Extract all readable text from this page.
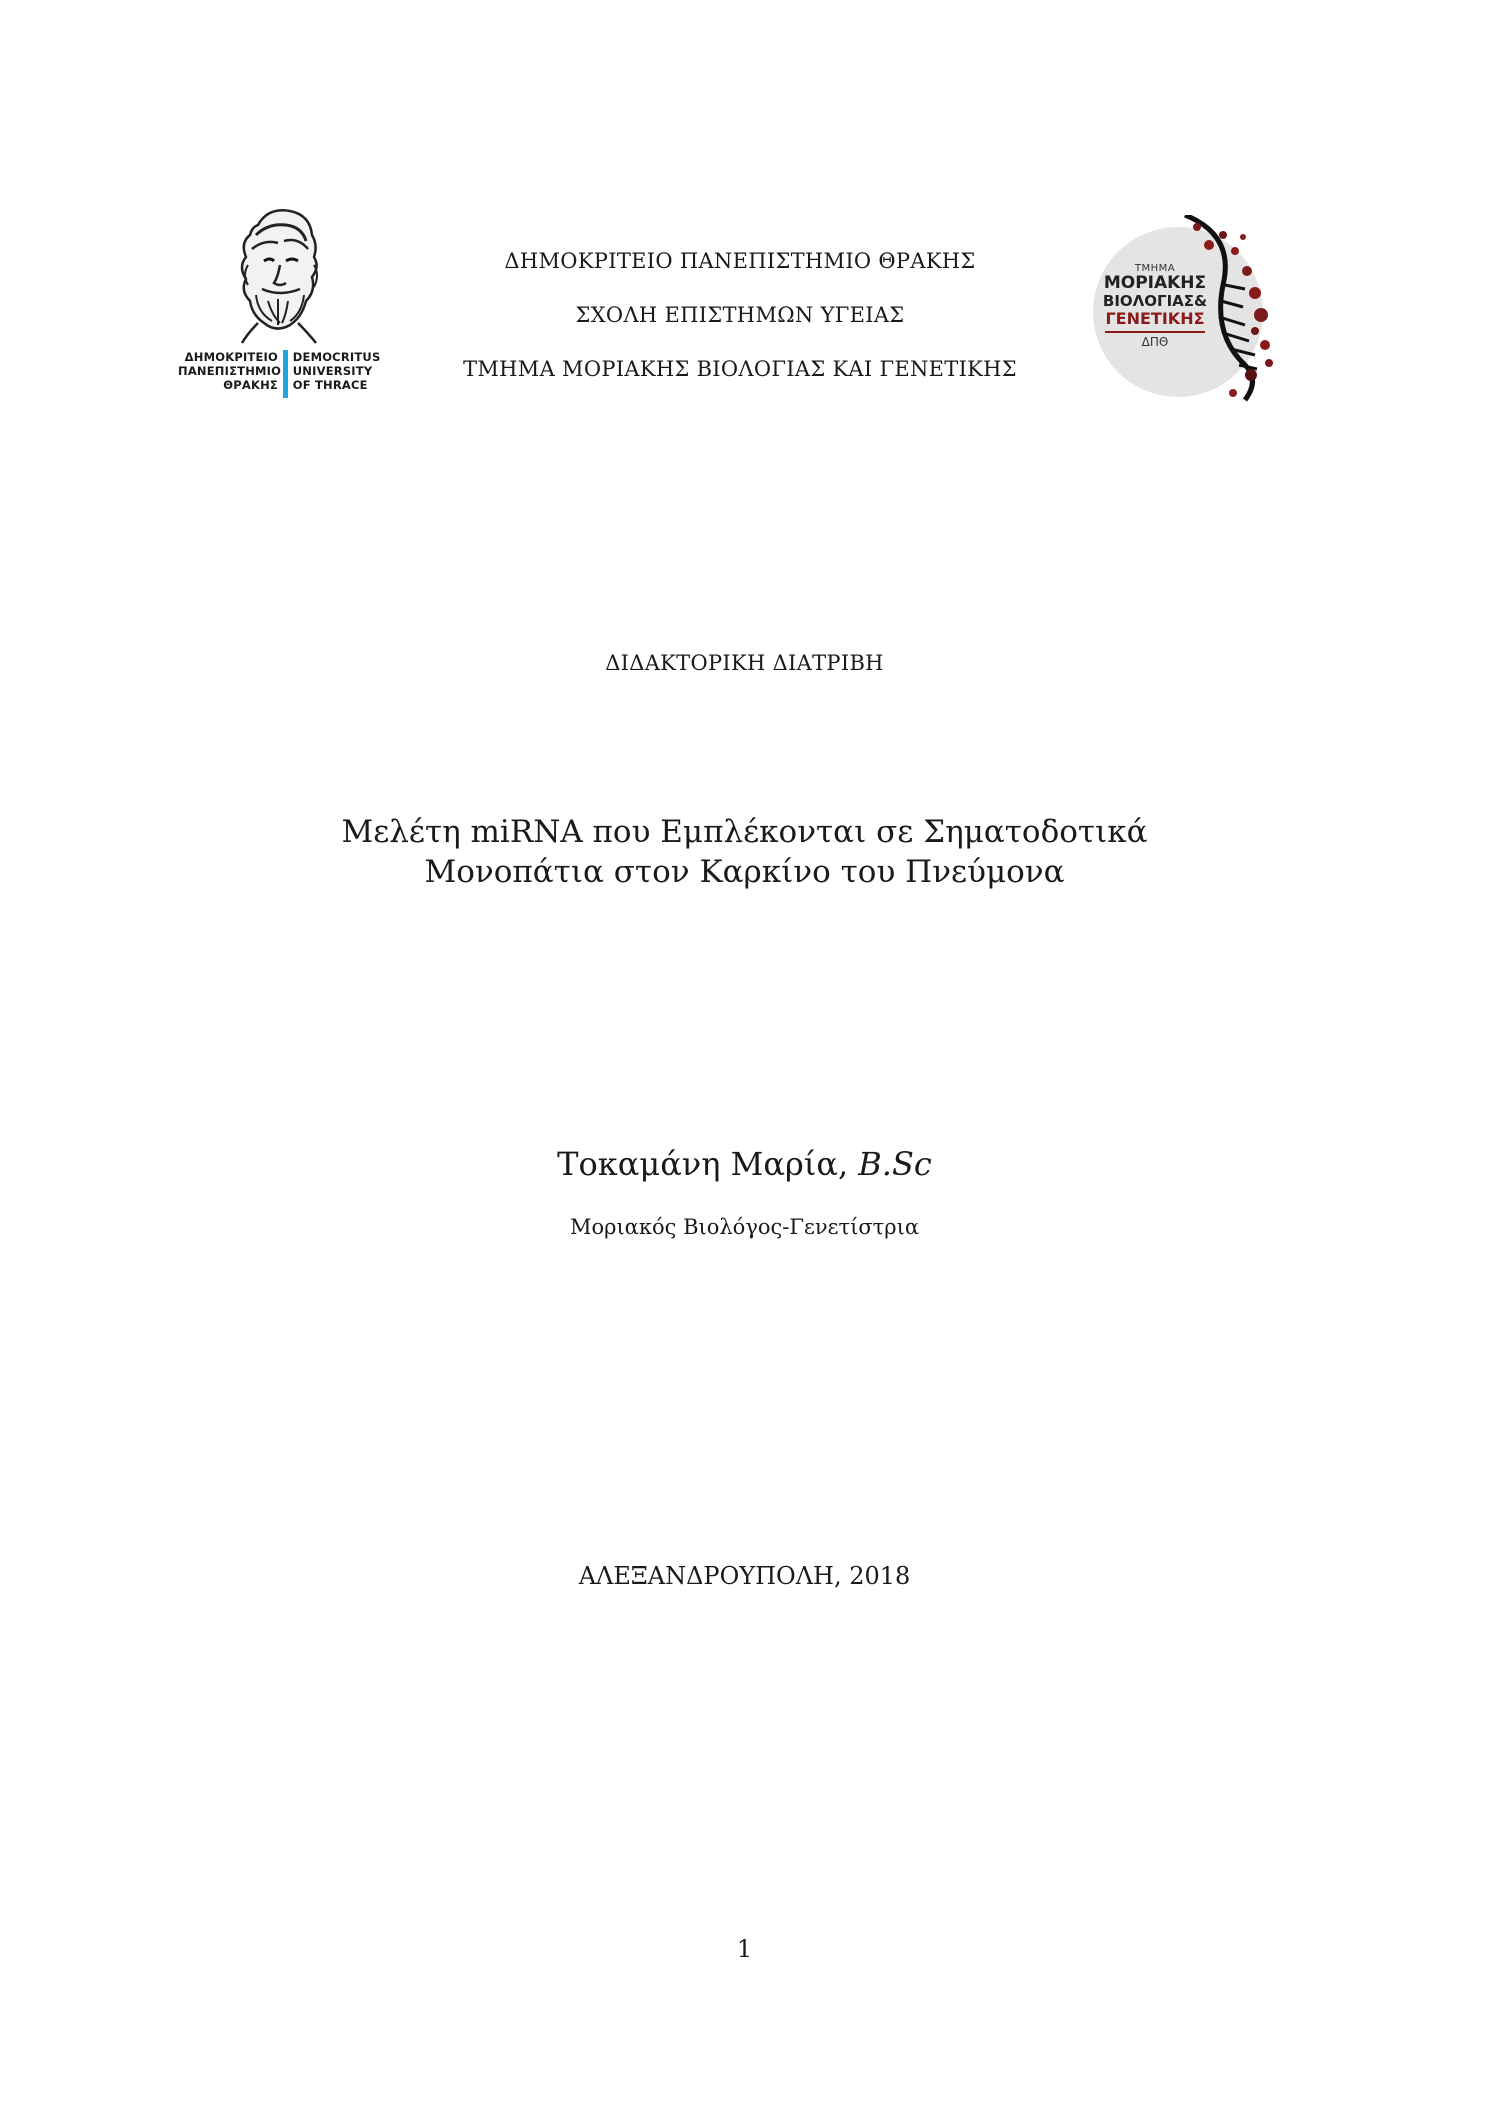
ΔΗΜΟΚΡΙΤΕΙΟ
ΠΑΝΕΠΙΣΤΗΜΙΟ
ΘΡΑΚΗΣ
DEMOCRITUS
UNIVERSITY
OF THRACE
ΔΗΜΟΚΡΙΤΕΙΟ ΠΑΝΕΠΙΣΤΗΜΙΟ ΘΡΑΚΗΣ
ΣΧΟΛΗ ΕΠΙΣΤΗΜΩΝ ΥΓΕΙΑΣ
ΤΜΗΜΑ ΜΟΡΙΑΚΗΣ ΒΙΟΛΟΓΙΑΣ ΚΑΙ ΓΕΝΕΤΙΚΗΣ
ΤΜΗΜΑ
ΜΟΡΙΑΚΗΣ
ΒΙΟΛΟΓΙΑΣ&
ΓΕΝΕΤΙΚΗΣ
ΔΠΘ
ΔΙΔΑΚΤΟΡΙΚΗ ΔΙΑΤΡΙΒΗ
Μελέτη miRNA που Εμπλέκονται σε Σηματοδοτικά
Μονοπάτια στον Καρκίνο του Πνεύμονα
Τοκαμάνη Μαρία, B.Sc
Μοριακός Βιολόγος-Γενετίστρια
ΑΛΕΞΑΝΔΡΟΥΠΟΛΗ, 2018
1
